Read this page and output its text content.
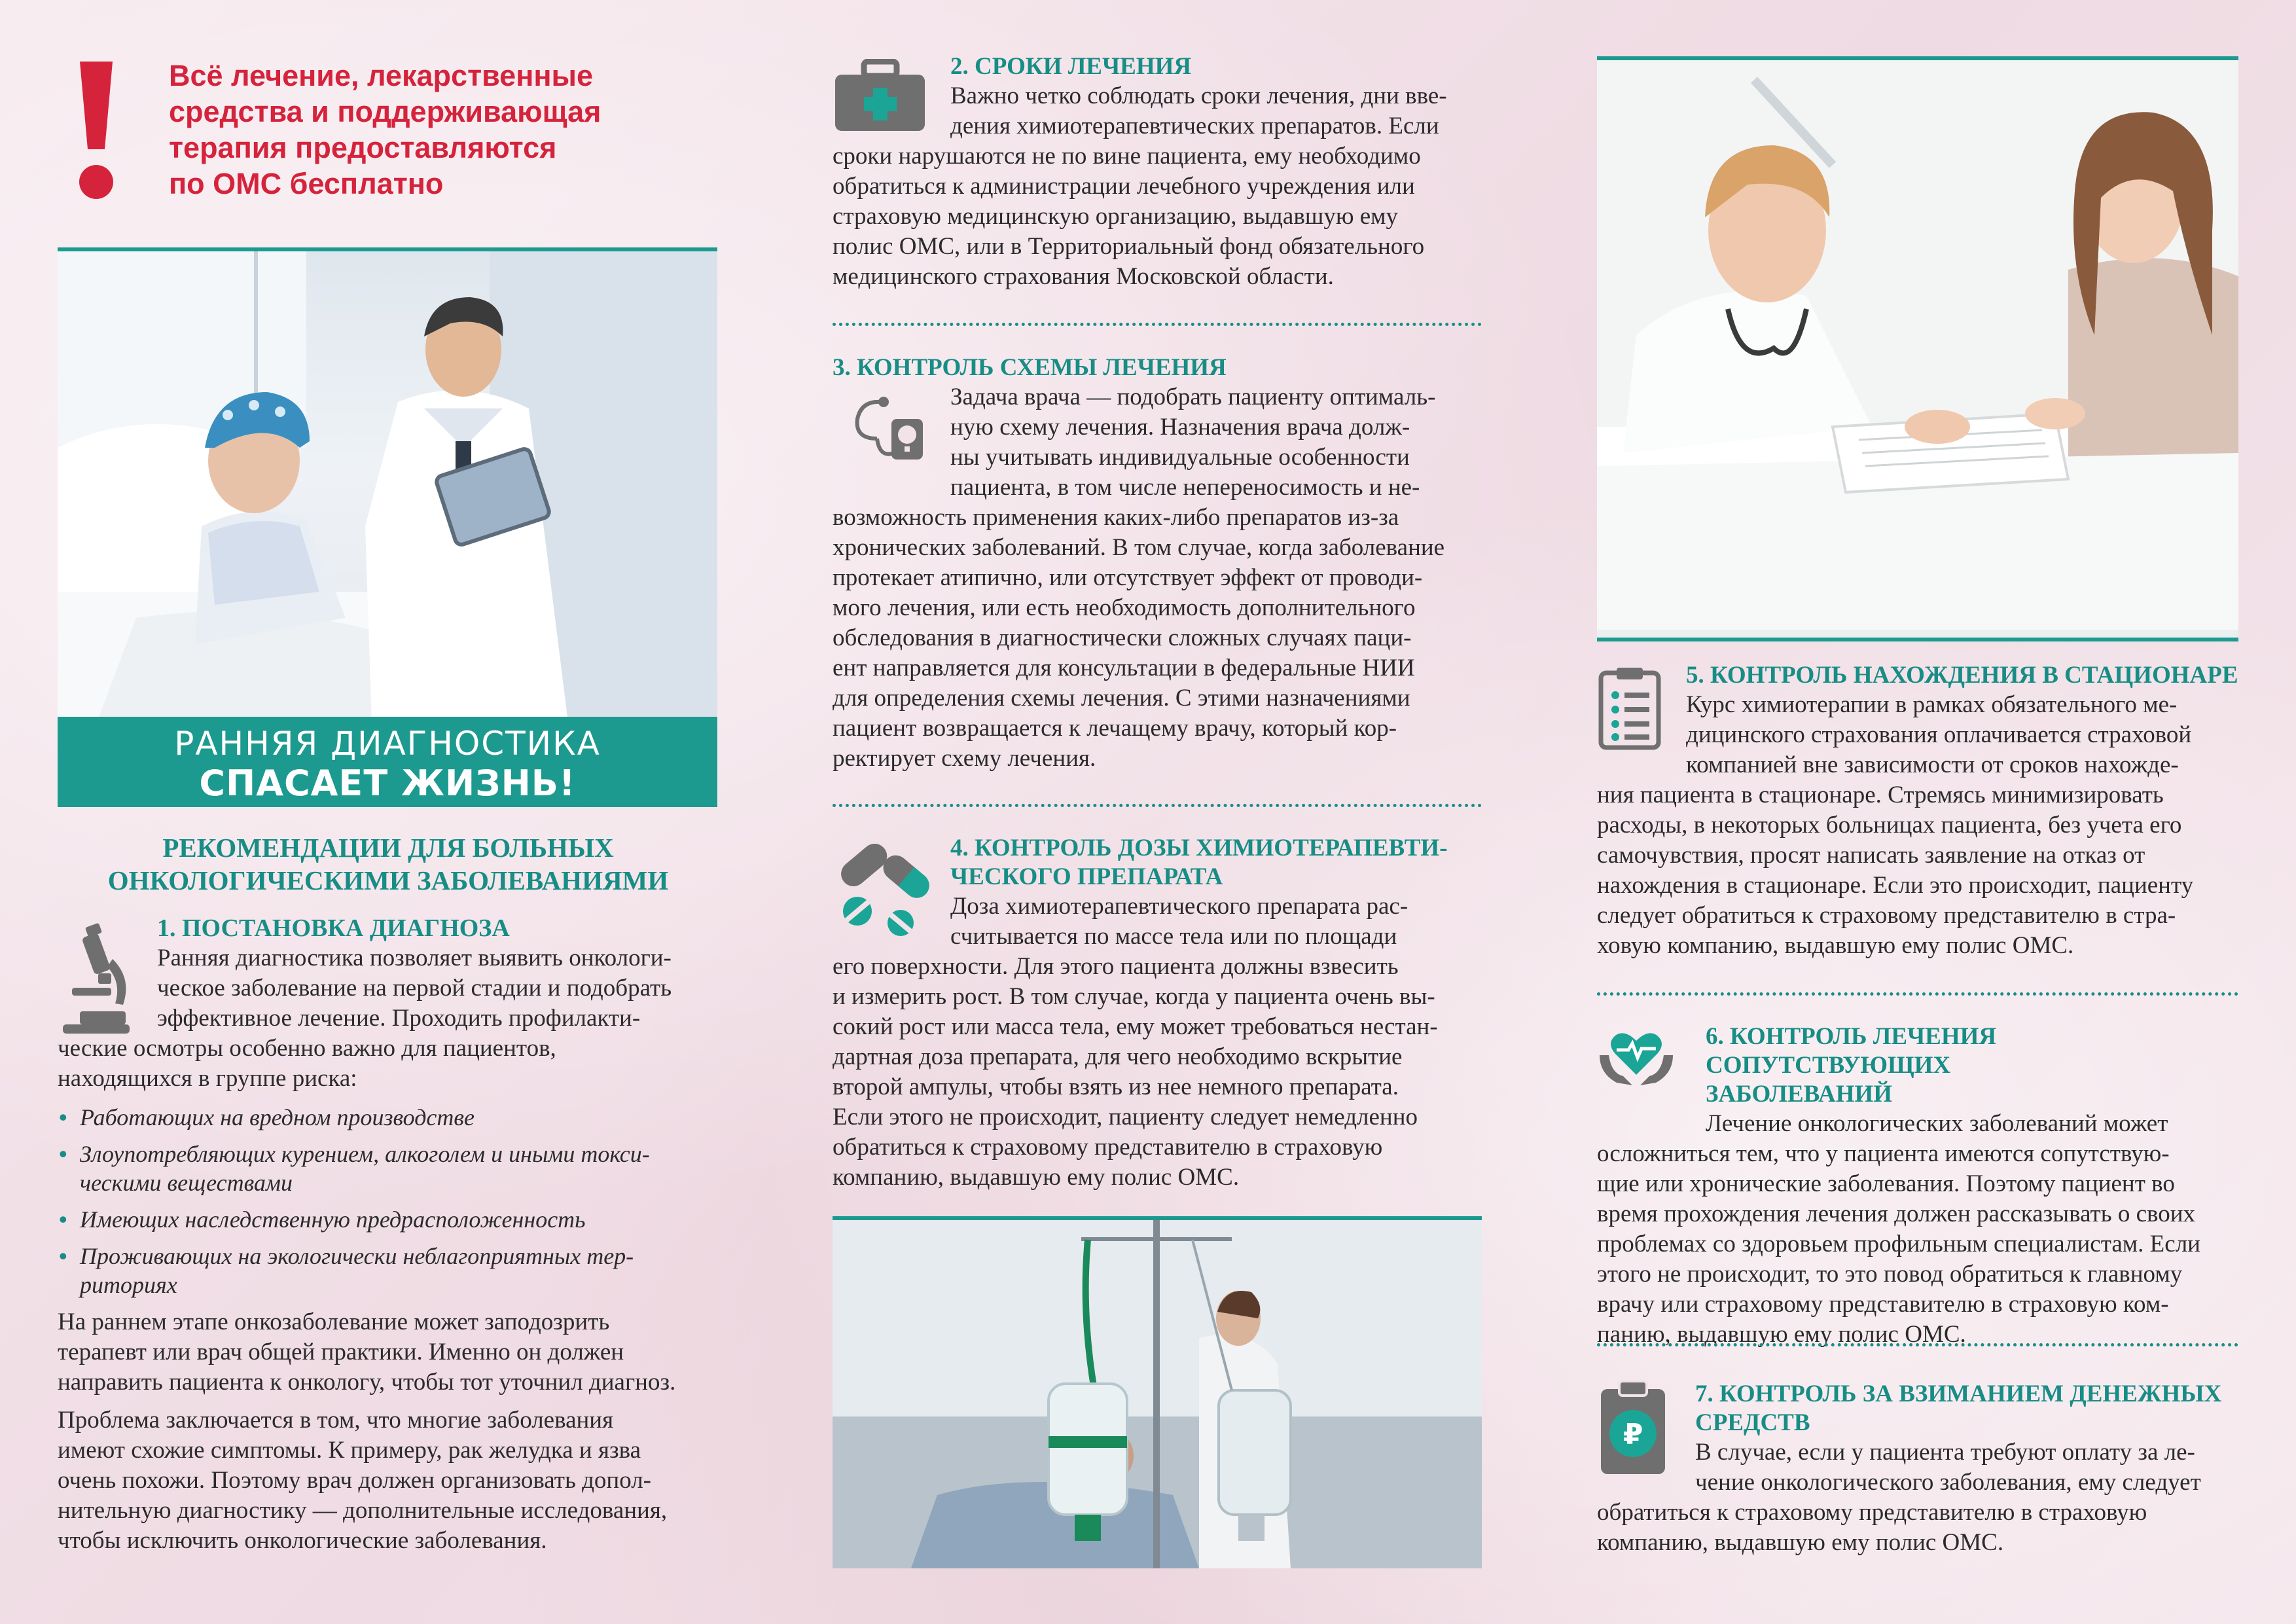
Всё лечение, лекарственные
средства и поддерживающая
терапия предоставляются
по ОМС бесплатно
РАННЯЯ ДИАГНОСТИКА
СПАСАЕТ ЖИЗНЬ!
РЕКОМЕНДАЦИИ ДЛЯ БОЛЬНЫХ
ОНКОЛОГИЧЕСКИМИ ЗАБОЛЕВАНИЯМИ
1. ПОСТАНОВКА ДИАГНОЗА

Ранняя диагностика позволяет выявить онкологи-

ческое заболевание на первой стадии и подобрать

эффективное лечение. Проходить профилакти-

ческие осмотры особенно важно для пациентов,

находящихся в группе риска:

• Работающих на вредном производстве
• Злоупотребляющих курением, алкоголем и иными токси-
ческими веществами
• Имеющих наследственную предрасположенность
• Проживающих на экологически неблагоприятных тер-
риториях

На раннем этапе онкозаболевание может заподозрить

терапевт или врач общей практики. Именно он должен

направить пациента к онкологу, чтобы тот уточнил диагноз.

Проблема заключается в том, что многие заболевания

имеют схожие симптомы. К примеру, рак желудка и язва

очень похожи. Поэтому врач должен организовать допол-

нительную диагностику — дополнительные исследования,

чтобы исключить онкологические заболевания.

2. СРОКИ ЛЕЧЕНИЯ

Важно четко соблюдать сроки лечения, дни вве-

дения химиотерапевтических препаратов. Если

сроки нарушаются не по вине пациента, ему необходимо

обратиться к администрации лечебного учреждения или

страховую медицинскую организацию, выдавшую ему

полис ОМС, или в Территориальный фонд обязательного

медицинского страхования Московской области.

3. КОНТРОЛЬ СХЕМЫ ЛЕЧЕНИЯ

Задача врача — подобрать пациенту оптималь-

ную схему лечения. Назначения врача долж-

ны учитывать индивидуальные особенности

пациента, в том числе непереносимость и не-

возможность применения каких-либо препаратов из-за

хронических заболеваний. В том случае, когда заболевание

протекает атипично, или отсутствует эффект от проводи-

мого лечения, или есть необходимость дополнительного

обследования в диагностически сложных случаях паци-

ент направляется для консультации в федеральные НИИ

для определения схемы лечения. С этими назначениями

пациент возвращается к лечащему врачу, который кор-

ректирует схему лечения.

4. КОНТРОЛЬ ДОЗЫ ХИМИОТЕРАПЕВТИ-
ЧЕСКОГО ПРЕПАРАТА

Доза химиотерапевтического препарата рас-

считывается по массе тела или по площади

его поверхности. Для этого пациента должны взвесить

и измерить рост. В том случае, когда у пациента очень вы-

сокий рост или масса тела, ему может требоваться нестан-

дартная доза препарата, для чего необходимо вскрытие

второй ампулы, чтобы взять из нее немного препарата.

Если этого не происходит, пациенту следует немедленно

обратиться к страховому представителю в страховую

компанию, выдавшую ему полис ОМС.

5. КОНТРОЛЬ НАХОЖДЕНИЯ В СТАЦИОНАРЕ

Курс химиотерапии в рамках обязательного ме-

дицинского страхования оплачивается страховой

компанией вне зависимости от сроков нахожде-

ния пациента в стационаре. Стремясь минимизировать

расходы, в некоторых больницах пациента, без учета его

самочувствия, просят написать заявление на отказ от

нахождения в стационаре. Если это происходит, пациенту

следует обратиться к страховому представителю в стра-

ховую компанию, выдавшую ему полис ОМС.

6. КОНТРОЛЬ ЛЕЧЕНИЯ СОПУТСТВУЮЩИХ
ЗАБОЛЕВАНИЙ

Лечение онкологических заболеваний может

осложниться тем, что у пациента имеются сопутствую-

щие или хронические заболевания. Поэтому пациент во

время прохождения лечения должен рассказывать о своих

проблемах со здоровьем профильным специалистам. Если

этого не происходит, то это повод обратиться к главному

врачу или страховому представителю в страховую ком-

панию, выдавшую ему полис ОМС.

₽
7. КОНТРОЛЬ ЗА ВЗИМАНИЕМ ДЕНЕЖНЫХ
СРЕДСТВ

В случае, если у пациента требуют оплату за ле-

чение онкологического заболевания, ему следует

обратиться к страховому представителю в страховую

компанию, выдавшую ему полис ОМС.
